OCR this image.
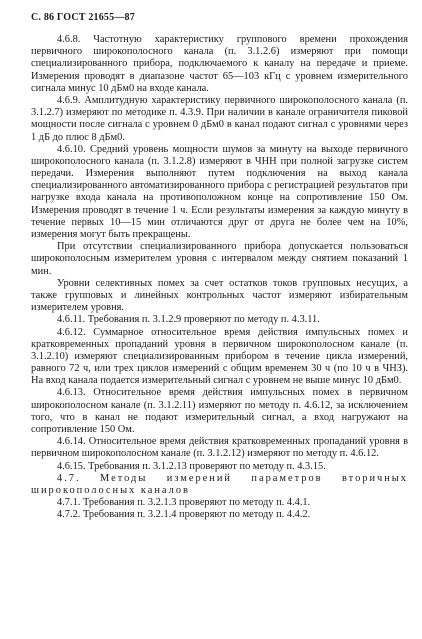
С. 86 ГОСТ 21655—87

4.6.8. Частотную характеристику группового времени прохождения первичного широкополосного канала (п. 3.1.2.6) измеряют при помощи специализированного прибора, подключаемого к каналу на передаче и приеме. Измерения проводят в диапазоне частот 65—103 кГц с уровнем измерительного сигнала минус 10 дБм0 на входе канала.

4.6.9. Амплитудную характеристику первичного широкополосного канала (п. 3.1.2.7) измеряют по методике п. 4.3.9. При наличии в канале ограничителя пиковой мощности после сигнала с уровнем 0 дБм0 в канал подают сигнал с уровнями через 1 дБ до плюс 8 дБм0.

4.6.10. Средний уровень мощности шумов за минуту на выходе первичного широкополосного канала (п. 3.1.2.8) измеряют в ЧНН при полной загрузке систем передачи. Измерения выполняют путем подключения на выход канала специализированного автоматизированного прибора с регистрацией результатов при нагрузке входа канала на противоположном конце на сопротивление 150 Ом. Измерения проводят в течение 1 ч. Если результаты измерения за каждую минуту в течение первых 10—15 мин отличаются друг от друга не более чем на 10%, измерения могут быть прекращены.

При отсутствии специализированного прибора допускается пользоваться широкополосным измерителем уровня с интервалом между снятием показаний 1 мин.

Уровни селективных помех за счет остатков токов групповых несущих, а также групповых и линейных контрольных частот измеряют избирательным измерителем уровня.

4.6.11. Требования п. 3.1.2.9 проверяют по методу п. 4.3.11.

4.6.12. Суммарное относительное время действия импульсных помех и кратковременных пропаданий уровня в первичном широкополосном канале (п. 3.1.2.10) измеряют специализированным прибором в течение цикла измерений, равного 72 ч, или трех циклов измерений с общим временем 30 ч (по 10 ч в ЧНЗ). На вход канала подается измерительный сигнал с уровнем не выше минус 10 дБм0.

4.6.13. Относительное время действия импульсных помех в первичном широкополосном канале (п. 3.1.2.11) измеряют по методу п. 4.6.12, за исключением того, что в канал не подают измерительный сигнал, а вход нагружают на сопротивление 150 Ом.

4.6.14. Относительное время действия кратковременных пропаданий уровня в первичном широкополосном канале (п. 3.1.2.12) измеряют по методу п. 4.6.12.

4.6.15. Требования п. 3.1.2.13 проверяют по методу п. 4.3.15.

4.7. Методы измерений параметров вторичных широкополосных каналов

4.7.1. Требования п. 3.2.1.3 проверяют по методу п. 4.4.1.

4.7.2. Требования п. 3.2.1.4 проверяют по методу п. 4.4.2.
